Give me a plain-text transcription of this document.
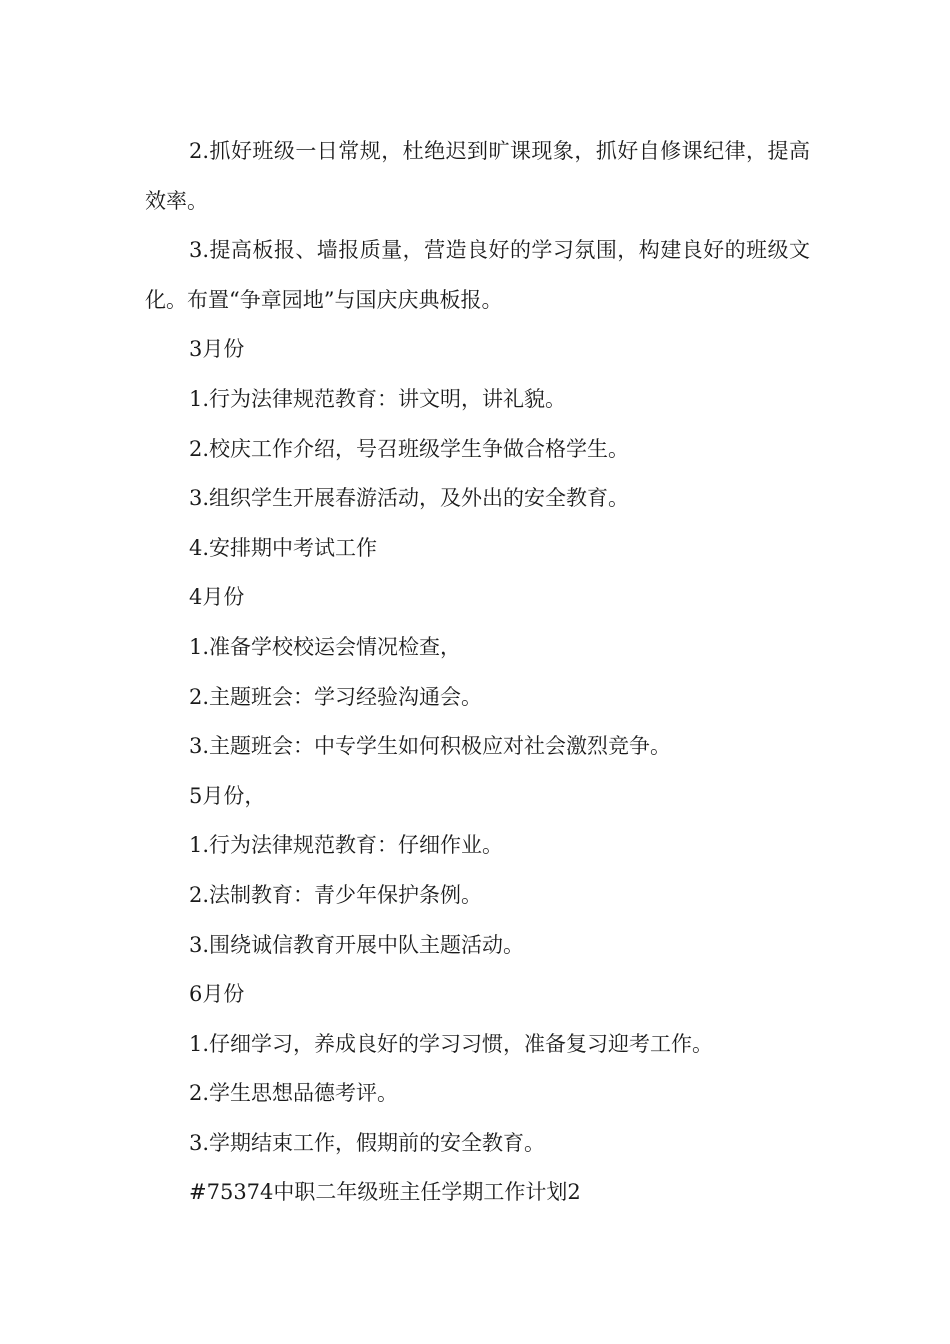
2.抓好班级一日常规，杜绝迟到旷课现象，抓好自修课纪律，提高效率。

3.提高板报、墙报质量，营造良好的学习氛围，构建良好的班级文化。布置“争章园地”与国庆庆典板报。

3月份

1.行为法律规范教育：讲文明，讲礼貌。

2.校庆工作介绍，号召班级学生争做合格学生。

3.组织学生开展春游活动，及外出的安全教育。

4.安排期中考试工作

4月份

1.准备学校校运会情况检查，

2.主题班会：学习经验沟通会。

3.主题班会：中专学生如何积极应对社会激烈竞争。

5月份，

1.行为法律规范教育：仔细作业。

2.法制教育：青少年保护条例。

3.围绕诚信教育开展中队主题活动。

6月份

1.仔细学习，养成良好的学习习惯，准备复习迎考工作。

2.学生思想品德考评。

3.学期结束工作，假期前的安全教育。

#75374中职二年级班主任学期工作计划2
